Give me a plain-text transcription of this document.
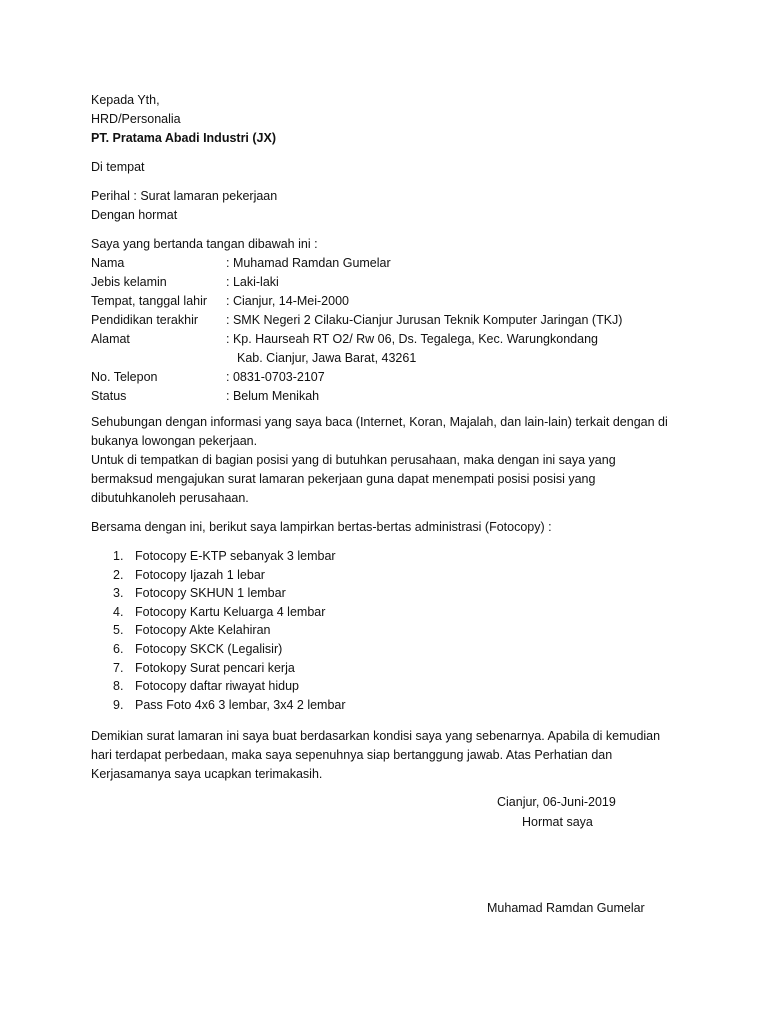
Kepada Yth,
HRD/Personalia
PT. Pratama Abadi Industri (JX)
Di tempat
Perihal : Surat lamaran pekerjaan
Dengan hormat
Saya yang bertanda tangan dibawah ini :
Nama	: Muhamad Ramdan Gumelar
Jebis kelamin	: Laki-laki
Tempat, tanggal lahir	: Cianjur, 14-Mei-2000
Pendidikan terakhir	: SMK Negeri 2 Cilaku-Cianjur Jurusan Teknik Komputer Jaringan (TKJ)
Alamat	: Kp. Haurseah RT O2/ Rw 06, Ds. Tegalega, Kec. Warungkondang
Kab. Cianjur, Jawa Barat, 43261
No. Telepon	: 0831-0703-2107
Status	: Belum Menikah
Sehubungan dengan informasi yang saya baca (Internet, Koran, Majalah, dan lain-lain) terkait dengan di
bukanya lowongan pekerjaan.
Untuk di tempatkan di bagian posisi yang di butuhkan perusahaan, maka dengan ini saya yang
bermaksud mengajukan surat lamaran pekerjaan guna dapat menempati posisi posisi yang
dibutuhkanoleh perusahaan.
Bersama dengan ini, berikut saya lampirkan bertas-bertas administrasi (Fotocopy) :
1. Fotocopy E-KTP sebanyak 3 lembar
2. Fotocopy Ijazah 1 lebar
3. Fotocopy SKHUN 1 lembar
4. Fotocopy Kartu Keluarga 4 lembar
5. Fotocopy Akte Kelahiran
6. Fotocopy SKCK (Legalisir)
7. Fotokopy Surat pencari kerja
8. Fotocopy daftar riwayat hidup
9. Pass Foto 4x6 3 lembar, 3x4 2 lembar
Demikian surat lamaran ini saya buat berdasarkan kondisi saya yang sebenarnya. Apabila di kemudian
hari terdapat perbedaan, maka saya sepenuhnya siap bertanggung jawab. Atas Perhatian dan
Kerjasamanya saya ucapkan terimakasih.
Cianjur, 06-Juni-2019
Hormat saya
Muhamad Ramdan Gumelar
